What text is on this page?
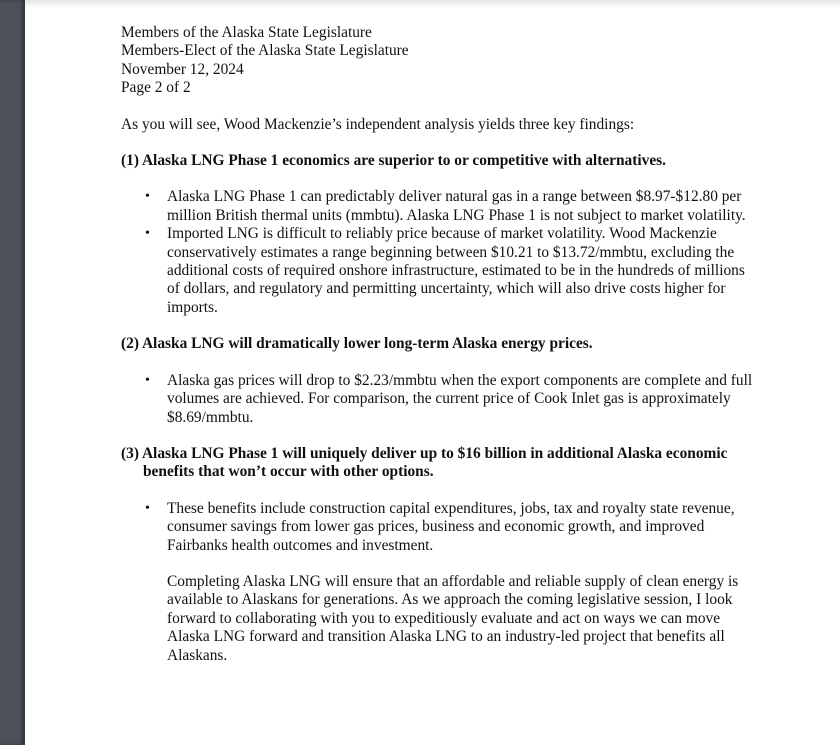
Members of the Alaska State Legislature
Members-Elect of the Alaska State Legislature
November 12, 2024
Page 2 of 2
As you will see, Wood Mackenzie’s independent analysis yields three key findings:
(1) Alaska LNG Phase 1 economics are superior to or competitive with alternatives.
• Alaska LNG Phase 1 can predictably deliver natural gas in a range between $8.97-$12.80 per million British thermal units (mmbtu). Alaska LNG Phase 1 is not subject to market volatility.
• Imported LNG is difficult to reliably price because of market volatility. Wood Mackenzie conservatively estimates a range beginning between $10.21 to $13.72/mmbtu, excluding the additional costs of required onshore infrastructure, estimated to be in the hundreds of millions of dollars, and regulatory and permitting uncertainty, which will also drive costs higher for imports.
(2) Alaska LNG will dramatically lower long-term Alaska energy prices.
• Alaska gas prices will drop to $2.23/mmbtu when the export components are complete and full volumes are achieved. For comparison, the current price of Cook Inlet gas is approximately $8.69/mmbtu.
(3) Alaska LNG Phase 1 will uniquely deliver up to $16 billion in additional Alaska economic benefits that won’t occur with other options.
• These benefits include construction capital expenditures, jobs, tax and royalty state revenue, consumer savings from lower gas prices, business and economic growth, and improved Fairbanks health outcomes and investment.
Completing Alaska LNG will ensure that an affordable and reliable supply of clean energy is available to Alaskans for generations. As we approach the coming legislative session, I look forward to collaborating with you to expeditiously evaluate and act on ways we can move Alaska LNG forward and transition Alaska LNG to an industry-led project that benefits all Alaskans.
